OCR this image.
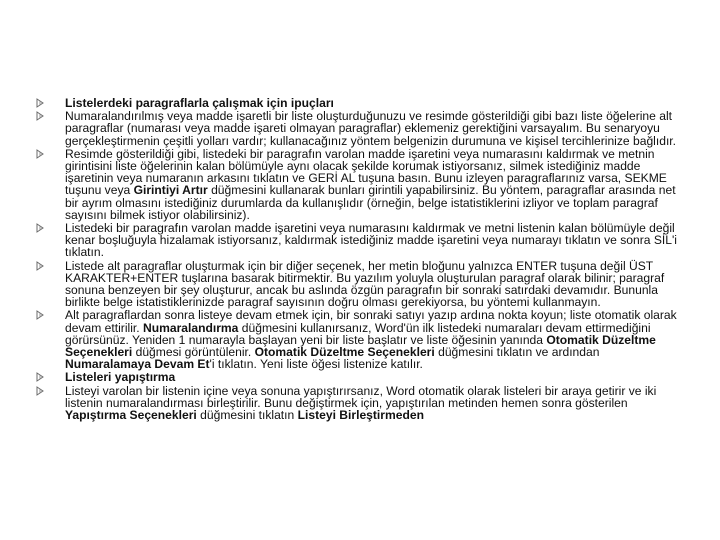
Listelerdeki paragraflarla çalışmak için ipuçları
Numaralandırılmış veya madde işaretli bir liste oluşturduğunuzu ve resimde gösterildiği gibi bazı liste öğelerine alt paragraflar (numarası veya madde işareti olmayan paragraflar) eklemeniz gerektiğini varsayalım. Bu senaryoyu gerçekleştirmenin çeşitli yolları vardır; kullanacağınız yöntem belgenizin durumuna ve kişisel tercihlerinize bağlıdır.
Resimde gösterildiği gibi, listedeki bir paragrafın varolan madde işaretini veya numarasını kaldırmak ve metnin girintisini liste öğelerinin kalan bölümüyle aynı olacak şekilde korumak istiyorsanız, silmek istediğiniz madde işaretinin veya numaranın arkasını tıklatın ve GERİ AL tuşuna basın. Bunu izleyen paragraflarınız varsa, SEKME tuşunu veya Girintiyi Artır düğmesini kullanarak bunları girintili yapabilirsiniz. Bu yöntem, paragraflar arasında net bir ayrım olmasını istediğiniz durumlarda da kullanışlıdır (örneğin, belge istatistiklerini izliyor ve toplam paragraf sayısını bilmek istiyor olabilirsiniz).
Listedeki bir paragrafın varolan madde işaretini veya numarasını kaldırmak ve metni listenin kalan bölümüyle değil kenar boşluğuyla hizalamak istiyorsanız, kaldırmak istediğiniz madde işaretini veya numarayı tıklatın ve sonra SİL'i tıklatın.
Listede alt paragraflar oluşturmak için bir diğer seçenek, her metin bloğunu yalnızca ENTER tuşuna değil ÜST KARAKTER+ENTER tuşlarına basarak bitirmektir. Bu yazılım yoluyla oluşturulan paragraf olarak bilinir; paragraf sonuna benzeyen bir şey oluşturur, ancak bu aslında özgün paragrafın bir sonraki satırdaki devamıdır. Bununla birlikte belge istatistiklerinizde paragraf sayısının doğru olması gerekiyorsa, bu yöntemi kullanmayın.
Alt paragraflardan sonra listeye devam etmek için, bir sonraki satıyı yazıp ardına nokta koyun; liste otomatik olarak devam ettirilir. Numaralandırma düğmesini kullanırsanız, Word'ün ilk listedeki numaraları devam ettirmediğini görürsünüz. Yeniden 1 numarayla başlayan yeni bir liste başlatır ve liste öğesinin yanında Otomatik Düzeltme Seçenekleri düğmesi görüntülenir. Otomatik Düzeltme Seçenekleri düğmesini tıklatın ve ardından Numaralamaya Devam Et'i tıklatın. Yeni liste öğesi listenize katılır.
Listeleri yapıştırma
Listeyi varolan bir listenin içine veya sonuna yapıştırırsanız, Word otomatik olarak listeleri bir araya getirir ve iki listenin numaralandırması birleştirilir. Bunu değiştirmek için, yapıştırılan metinden hemen sonra gösterilen Yapıştırma Seçenekleri düğmesini tıklatın Listeyi Birleştirmeden
